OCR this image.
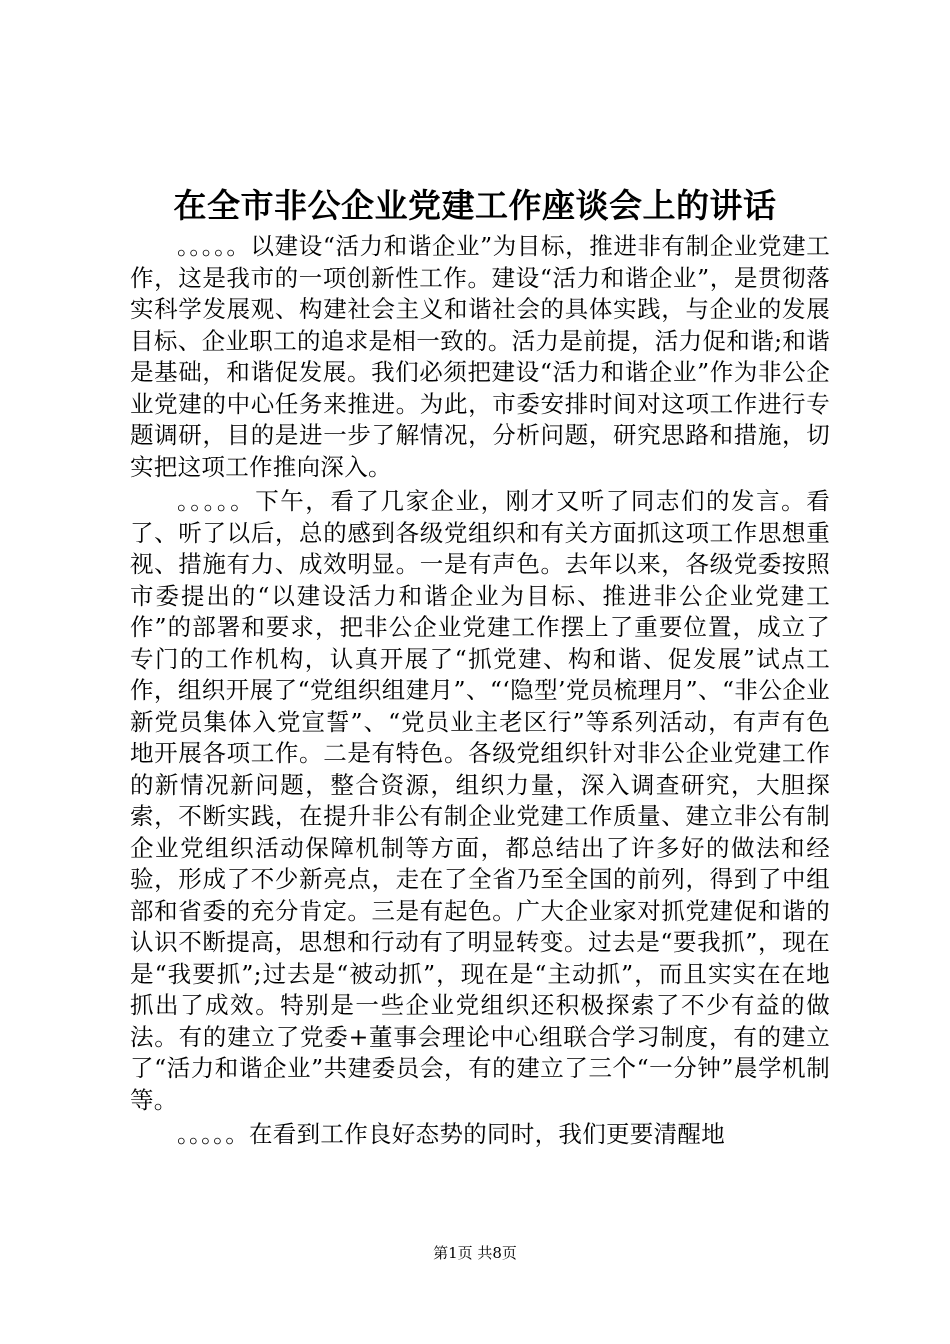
在全市非公企业党建工作座谈会上的讲话

。。。。。以建设“活力和谐企业”为目标，推进非有制企业党建工作，这是我市的一项创新性工作。建设“活力和谐企业”，是贯彻落实科学发展观、构建社会主义和谐社会的具体实践，与企业的发展目标、企业职工的追求是相一致的。活力是前提，活力促和谐;和谐是基础，和谐促发展。我们必须把建设“活力和谐企业”作为非公企业党建的中心任务来推进。为此，市委安排时间对这项工作进行专题调研，目的是进一步了解情况，分析问题，研究思路和措施，切实把这项工作推向深入。

。。。。。下午，看了几家企业，刚才又听了同志们的发言。看了、听了以后，总的感到各级党组织和有关方面抓这项工作思想重视、措施有力、成效明显。一是有声色。去年以来，各级党委按照市委提出的“以建设活力和谐企业为目标、推进非公企业党建工作”的部署和要求，把非公企业党建工作摆上了重要位置，成立了专门的工作机构，认真开展了“抓党建、构和谐、促发展”试点工作，组织开展了“党组织组建月”、“‘隐型’党员梳理月”、“非公企业新党员集体入党宣誓”、“党员业主老区行”等系列活动，有声有色地开展各项工作。二是有特色。各级党组织针对非公企业党建工作的新情况新问题，整合资源，组织力量，深入调查研究，大胆探索，不断实践，在提升非公有制企业党建工作质量、建立非公有制企业党组织活动保障机制等方面，都总结出了许多好的做法和经验，形成了不少新亮点，走在了全省乃至全国的前列，得到了中组部和省委的充分肯定。三是有起色。广大企业家对抓党建促和谐的认识不断提高，思想和行动有了明显转变。过去是“要我抓”，现在是“我要抓”;过去是“被动抓”，现在是“主动抓”，而且实实在在地抓出了成效。特别是一些企业党组织还积极探索了不少有益的做法。有的建立了党委+董事会理论中心组联合学习制度，有的建立了“活力和谐企业”共建委员会，有的建立了三个“一分钟”晨学机制等。

。。。。。在看到工作良好态势的同时，我们更要清醒地

第1页 共8页
